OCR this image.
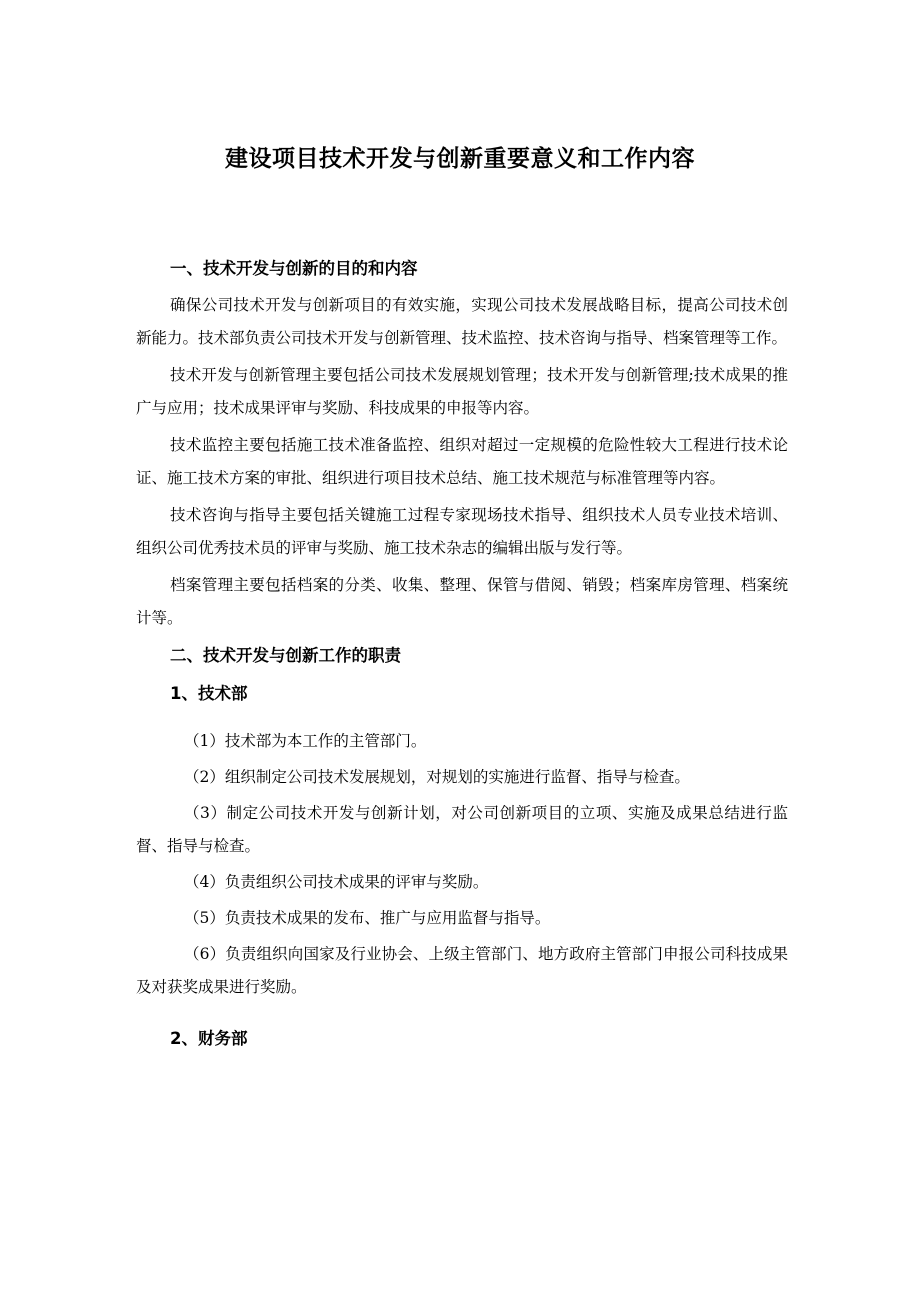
建设项目技术开发与创新重要意义和工作内容

一、技术开发与创新的目的和内容

确保公司技术开发与创新项目的有效实施，实现公司技术发展战略目标，提高公司技术创新能力。技术部负责公司技术开发与创新管理、技术监控、技术咨询与指导、档案管理等工作。

技术开发与创新管理主要包括公司技术发展规划管理；技术开发与创新管理;技术成果的推广与应用；技术成果评审与奖励、科技成果的申报等内容。

技术监控主要包括施工技术准备监控、组织对超过一定规模的危险性较大工程进行技术论证、施工技术方案的审批、组织进行项目技术总结、施工技术规范与标准管理等内容。

技术咨询与指导主要包括关键施工过程专家现场技术指导、组织技术人员专业技术培训、组织公司优秀技术员的评审与奖励、施工技术杂志的编辑出版与发行等。

档案管理主要包括档案的分类、收集、整理、保管与借阅、销毁；档案库房管理、档案统计等。

二、技术开发与创新工作的职责

1、技术部

（1）技术部为本工作的主管部门。

（2）组织制定公司技术发展规划，对规划的实施进行监督、指导与检查。

（3）制定公司技术开发与创新计划，对公司创新项目的立项、实施及成果总结进行监督、指导与检查。

（4）负责组织公司技术成果的评审与奖励。

（5）负责技术成果的发布、推广与应用监督与指导。

（6）负责组织向国家及行业协会、上级主管部门、地方政府主管部门申报公司科技成果及对获奖成果进行奖励。

2、财务部
